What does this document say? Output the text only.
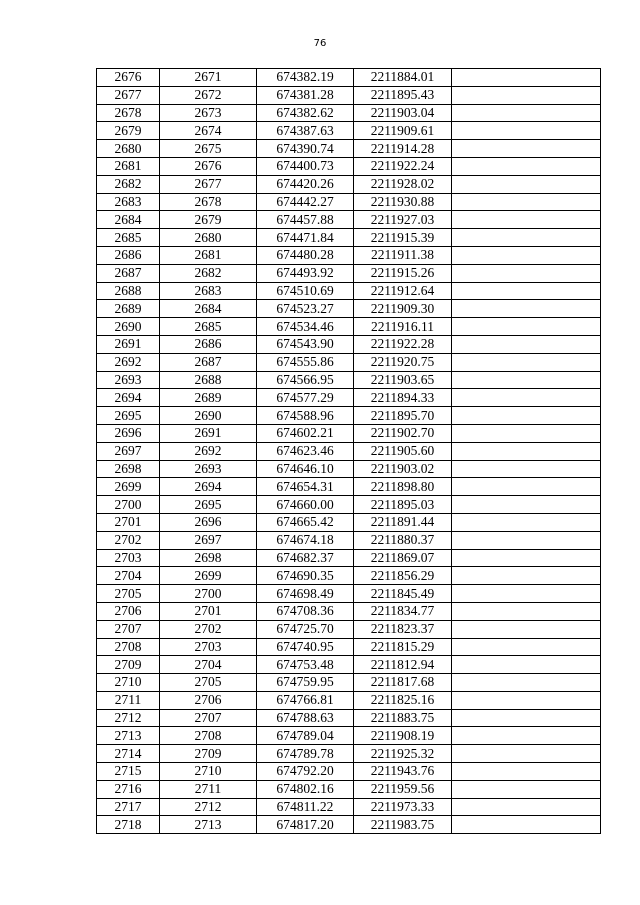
76
2676	2671	674382.19	2211884.01	
2677	2672	674381.28	2211895.43	
2678	2673	674382.62	2211903.04	
2679	2674	674387.63	2211909.61	
2680	2675	674390.74	2211914.28	
2681	2676	674400.73	2211922.24	
2682	2677	674420.26	2211928.02	
2683	2678	674442.27	2211930.88	
2684	2679	674457.88	2211927.03	
2685	2680	674471.84	2211915.39	
2686	2681	674480.28	2211911.38	
2687	2682	674493.92	2211915.26	
2688	2683	674510.69	2211912.64	
2689	2684	674523.27	2211909.30	
2690	2685	674534.46	2211916.11	
2691	2686	674543.90	2211922.28	
2692	2687	674555.86	2211920.75	
2693	2688	674566.95	2211903.65	
2694	2689	674577.29	2211894.33	
2695	2690	674588.96	2211895.70	
2696	2691	674602.21	2211902.70	
2697	2692	674623.46	2211905.60	
2698	2693	674646.10	2211903.02	
2699	2694	674654.31	2211898.80	
2700	2695	674660.00	2211895.03	
2701	2696	674665.42	2211891.44	
2702	2697	674674.18	2211880.37	
2703	2698	674682.37	2211869.07	
2704	2699	674690.35	2211856.29	
2705	2700	674698.49	2211845.49	
2706	2701	674708.36	2211834.77	
2707	2702	674725.70	2211823.37	
2708	2703	674740.95	2211815.29	
2709	2704	674753.48	2211812.94	
2710	2705	674759.95	2211817.68	
2711	2706	674766.81	2211825.16	
2712	2707	674788.63	2211883.75	
2713	2708	674789.04	2211908.19	
2714	2709	674789.78	2211925.32	
2715	2710	674792.20	2211943.76	
2716	2711	674802.16	2211959.56	
2717	2712	674811.22	2211973.33	
2718	2713	674817.20	2211983.75	
